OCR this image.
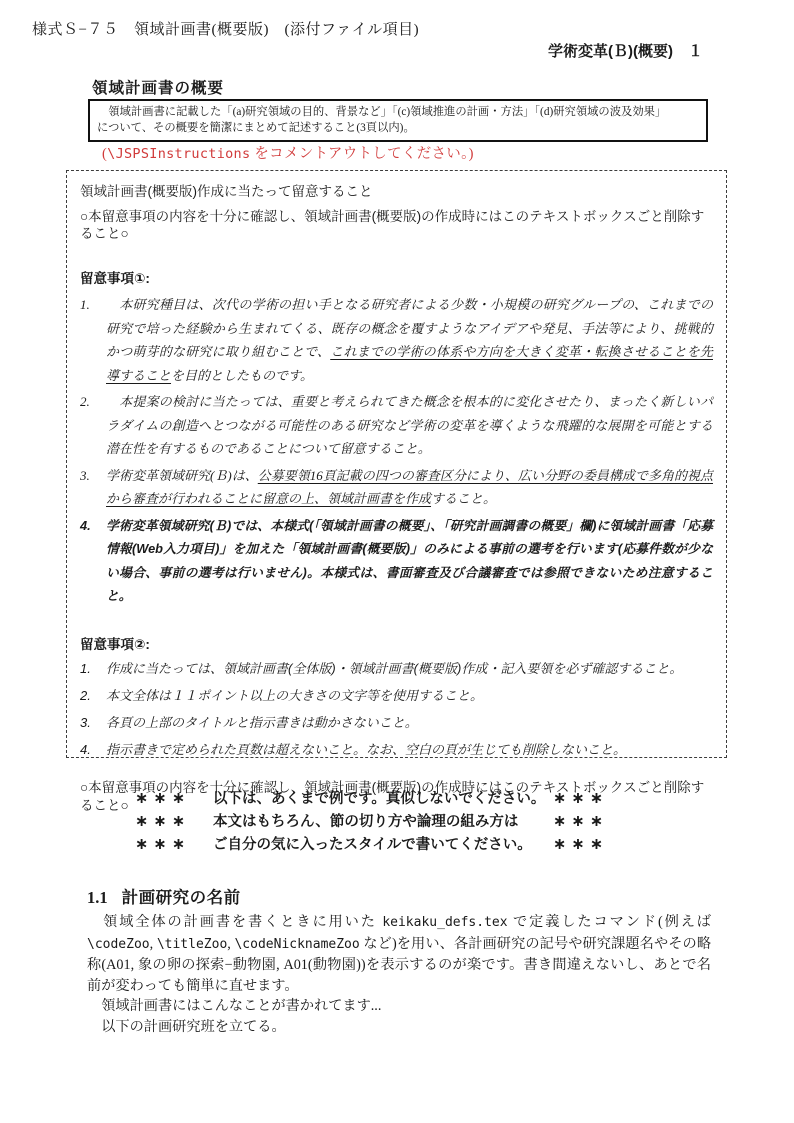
様式Ｓ−７５　領域計画書(概要版)　(添付ファイル項目)
学術変革(Ｂ)(概要)　１
領域計画書の概要
　領域計画書に記載した「(a)研究領域の目的、背景など」「(c)領域推進の計画・方法」「(d)研究領域の波及効果」
について、その概要を簡潔にまとめて記述すること(3頁以内)。
(\JSPSInstructions をコメントアウトしてください。)
領域計画書(概要版)作成に当たって留意すること
○本留意事項の内容を十分に確認し、領域計画書(概要版)の作成時にはこのテキストボックスごと削除すること○
留意事項①:
1.	　本研究種目は、次代の学術の担い手となる研究者による少数・小規模の研究グループの、これまでの研究で培った経験から生まれてくる、既存の概念を覆すようなアイデアや発見、手法等により、挑戦的かつ萌芽的な研究に取り組むことで、これまでの学術の体系や方向を大きく変革・転換させることを先導することを目的としたものです。
2.	　本提案の検討に当たっては、重要と考えられてきた概念を根本的に変化させたり、まったく新しいパラダイムの創造へとつながる可能性のある研究など学術の変革を導くような飛躍的な展開を可能とする潜在性を有するものであることについて留意すること。
3.	学術変革領域研究(Ｂ)は、公募要領16頁記載の四つの審査区分により、広い分野の委員構成で多角的視点から審査が行われることに留意の上、領域計画書を作成すること。
4.	学術変革領域研究(Ｂ)では、本様式(「領域計画書の概要」、「研究計画調書の概要」欄)に領域計画書「応募情報(Web入力項目)」を加えた「領域計画書(概要版)」のみによる事前の選考を行います(応募件数が少ない場合、事前の選考は行いません)。本様式は、書面審査及び合議審査では参照できないため注意すること。
留意事項②:
1.	作成に当たっては、領域計画書(全体版)・領域計画書(概要版)作成・記入要領を必ず確認すること。
2.	本文全体は１１ポイント以上の大きさの文字等を使用すること。
3.	各頁の上部のタイトルと指示書きは動かさないこと。
4.	指示書きで定められた頁数は超えないこと。なお、空白の頁が生じても削除しないこと。
○本留意事項の内容を十分に確認し、領域計画書(概要版)の作成時にはこのテキストボックスごと削除すること○ ∗∗∗	以下は、あくまで例です。真似しないでください。 ∗∗∗
∗∗∗	本文はもちろん、節の切り方や論理の組み方は	∗∗∗
∗∗∗	ご自分の気に入ったスタイルで書いてください。	∗∗∗
1.1 計画研究の名前

　領域全体の計画書を書くときに用いた keikaku_defs.tex で定義したコマンド(例えば\codeZoo, \titleZoo, \codeNicknameZoo など)を用い、各計画研究の記号や研究課題名やその略称(A01, 象の卵の探索−動物園, A01(動物園))を表示するのが楽です。書き間違えないし、あとで名前が変わっても簡単に直せます。

　領域計画書にはこんなことが書かれてます...

　以下の計画研究班を立てる。
